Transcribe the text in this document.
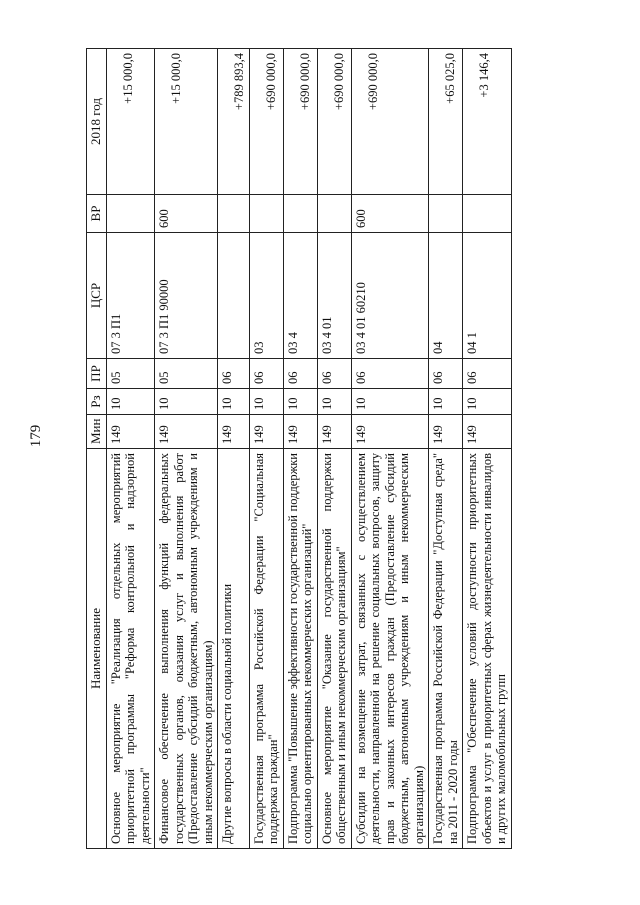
179
Наименование	Мин	Рз	ПР	ЦСР	ВР	2018 год
Основное мероприятие "Реализация отдельных мероприятий приоритетной программы "Реформа контрольной и надзорной деятельности"	149	10	05	07 3 П1		+15 000,0
Финансовое обеспечение выполнения функций федеральных государственных органов, оказания услуг и выполнения работ (Предоставление субсидий бюджетным, автономным учреждениям и иным некоммерческим организациям)	149	10	05	07 3 П1 90000	600	+15 000,0
Другие вопросы в области социальной политики	149	10	06			+789 893,4
Государственная программа Российской Федерации "Социальная поддержка граждан"	149	10	06	03		+690 000,0
Подпрограмма "Повышение эффективности государственной поддержки социально ориентированных некоммерческих организаций"	149	10	06	03 4		+690 000,0
Основное мероприятие "Оказание государственной поддержки общественным и иным некоммерческим организациям"	149	10	06	03 4 01		+690 000,0
Субсидии на возмещение затрат, связанных с осуществлением деятельности, направленной на решение социальных вопросов, защиту прав и законных интересов граждан (Предоставление субсидий бюджетным, автономным учреждениям и иным некоммерческим организациям)	149	10	06	03 4 01 60210	600	+690 000,0
Государственная программа Российской Федерации "Доступная среда" на 2011 - 2020 годы	149	10	06	04		+65 025,0
Подпрограмма "Обеспечение условий доступности приоритетных объектов и услуг в приоритетных сферах жизнедеятельности инвалидов и других маломобильных групп	149	10	06	04 1		+3 146,4
